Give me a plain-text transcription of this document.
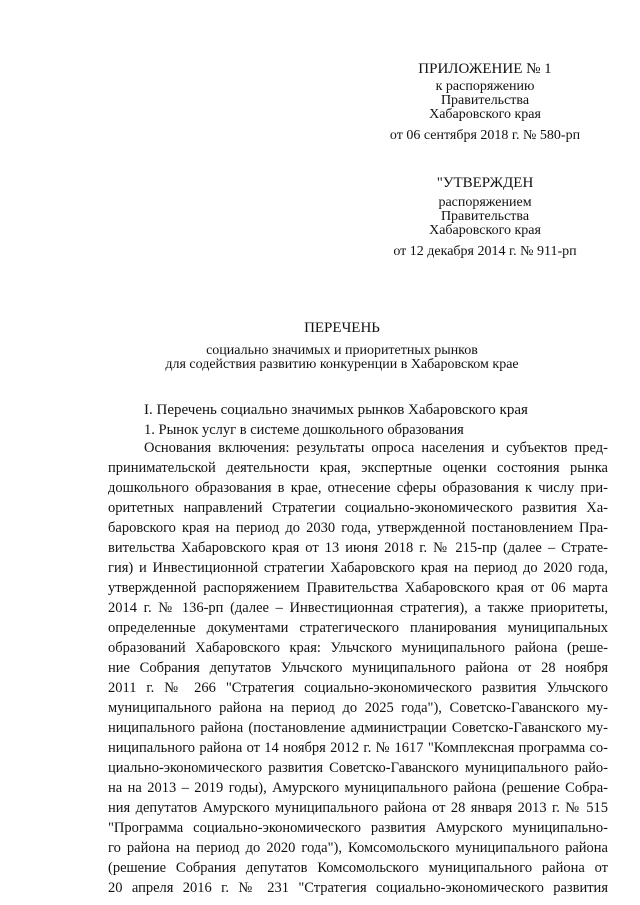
ПРИЛОЖЕНИЕ № 1
к распоряжению
Правительства
Хабаровского края
от 06 сентября 2018 г. № 580-рп
"УТВЕРЖДЕН
распоряжением
Правительства
Хабаровского края
от 12 декабря 2014 г. № 911-рп
ПЕРЕЧЕНЬ
социально значимых и приоритетных рынков
для содействия развитию конкуренции в Хабаровском крае
I. Перечень социально значимых рынков Хабаровского края
1. Рынок услуг в системе дошкольного образования
Основания включения: результаты опроса населения и субъектов пред-
принимательской деятельности края, экспертные оценки состояния рынка
дошкольного образования в крае, отнесение сферы образования к числу при-
оритетных направлений Стратегии социально-экономического развития Ха-
баровского края на период до 2030 года, утвержденной постановлением Пра-
вительства Хабаровского края от 13 июня 2018 г. № 215-пр (далее – Страте-
гия) и Инвестиционной стратегии Хабаровского края на период до 2020 года,
утвержденной распоряжением Правительства Хабаровского края от 06 марта
2014 г. № 136-рп (далее – Инвестиционная стратегия), а также приоритеты,
определенные документами стратегического планирования муниципальных
образований Хабаровского края: Ульчского муниципального района (реше-
ние Собрания депутатов Ульчского муниципального района от 28 ноября
2011 г. № 266 "Стратегия социально-экономического развития Ульчского
муниципального района на период до 2025 года"), Советско-Гаванского му-
ниципального района (постановление администрации Советско-Гаванского му-
ниципального района от 14 ноября 2012 г. № 1617 "Комплексная программа со-
циально-экономического развития Советско-Гаванского муниципального райо-
на на 2013 – 2019 годы), Амурского муниципального района (решение Собра-
ния депутатов Амурского муниципального района от 28 января 2013 г. № 515
"Программа социально-экономического развития Амурского муниципально-
го района на период до 2020 года"), Комсомольского муниципального района
(решение Собрания депутатов Комсомольского муниципального района от
20 апреля 2016 г. № 231 "Стратегия социально-экономического развития
